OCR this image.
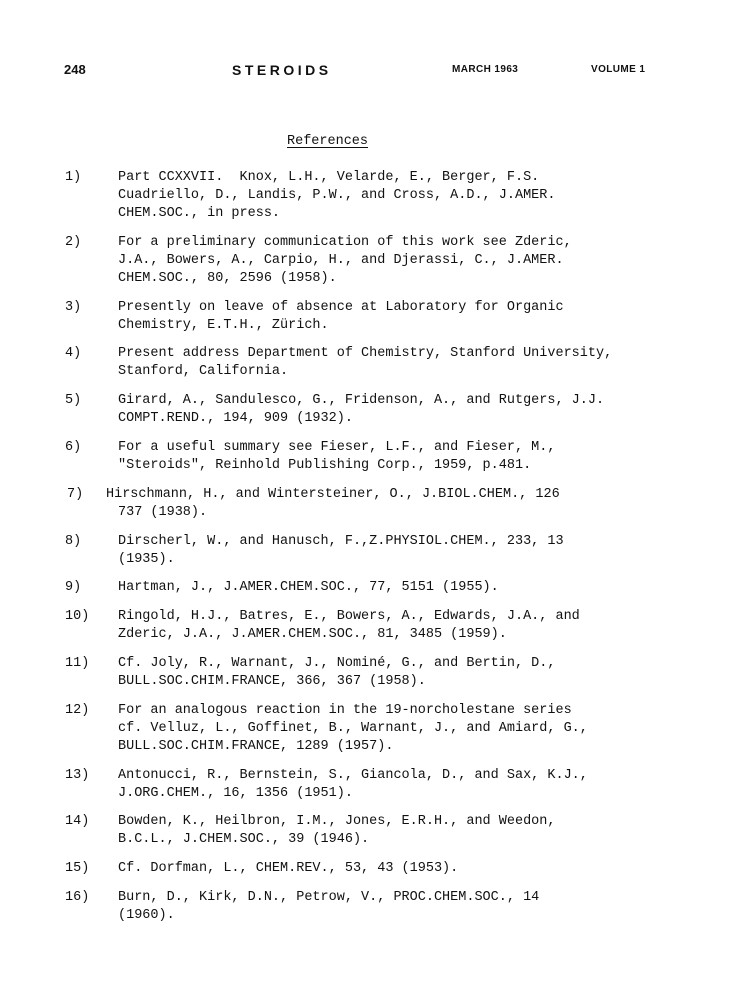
248	STEROIDS	MARCH 1963	VOLUME 1
References
1)	Part CCXXVII.  Knox, L.H., Velarde, E., Berger, F.S.
Cuadriello, D., Landis, P.W., and Cross, A.D., J.AMER.
CHEM.SOC., in press.
2)	For a preliminary communication of this work see Zderic,
J.A., Bowers, A., Carpio, H., and Djerassi, C., J.AMER.
CHEM.SOC., 80, 2596 (1958).
3)	Presently on leave of absence at Laboratory for Organic
Chemistry, E.T.H., Zürich.
4)	Present address Department of Chemistry, Stanford University,
Stanford, California.
5)	Girard, A., Sandulesco, G., Fridenson, A., and Rutgers, J.J.
COMPT.REND., 194, 909 (1932).
6)	For a useful summary see Fieser, L.F., and Fieser, M.,
"Steroids", Reinhold Publishing Corp., 1959, p.481.
7) Hirschmann, H., and Wintersteiner, O., J.BIOL.CHEM., 126
737 (1938).
8)	Dirscherl, W., and Hanusch, F.,Z.PHYSIOL.CHEM., 233, 13
(1935).
9)	Hartman, J., J.AMER.CHEM.SOC., 77, 5151 (1955).
10) Ringold, H.J., Batres, E., Bowers, A., Edwards, J.A., and
Zderic, J.A., J.AMER.CHEM.SOC., 81, 3485 (1959).
11) Cf. Joly, R., Warnant, J., Nominé, G., and Bertin, D.,
BULL.SOC.CHIM.FRANCE, 366, 367 (1958).
12) For an analogous reaction in the 19-norcholestane series
cf. Velluz, L., Goffinet, B., Warnant, J., and Amiard, G.,
BULL.SOC.CHIM.FRANCE, 1289 (1957).
13) Antonucci, R., Bernstein, S., Giancola, D., and Sax, K.J.,
J.ORG.CHEM., 16, 1356 (1951).
14) Bowden, K., Heilbron, I.M., Jones, E.R.H., and Weedon,
B.C.L., J.CHEM.SOC., 39 (1946).
15) Cf. Dorfman, L., CHEM.REV., 53, 43 (1953).
16) Burn, D., Kirk, D.N., Petrow, V., PROC.CHEM.SOC., 14
(1960).
